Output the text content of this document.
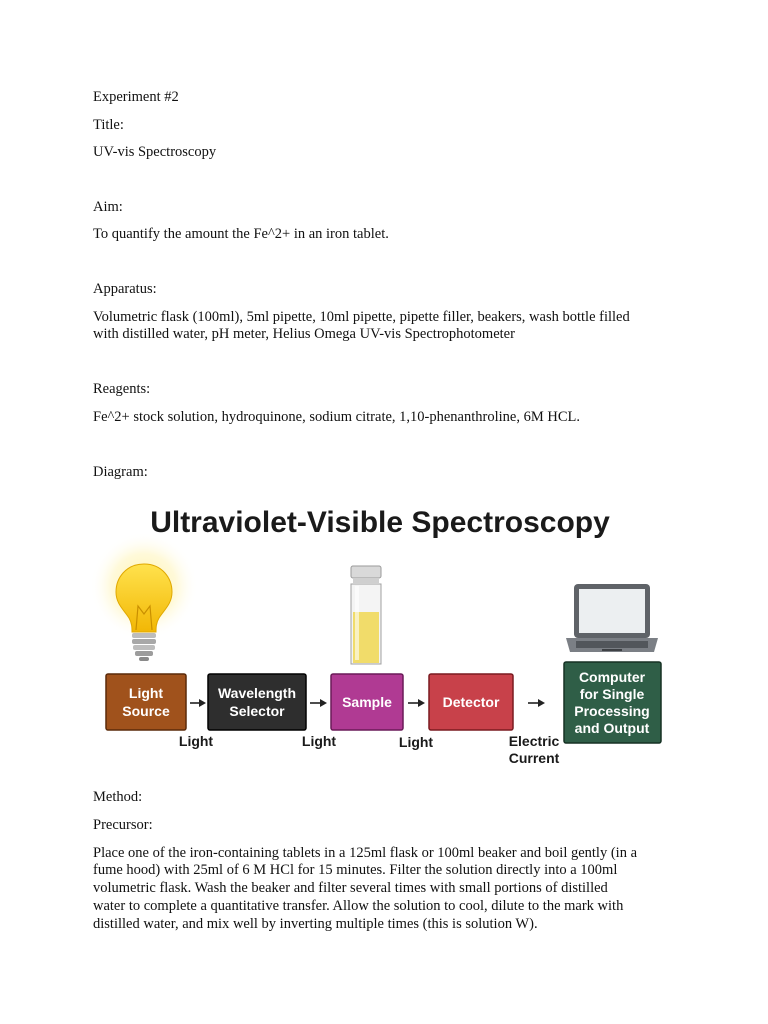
Experiment #2
Title:
UV-vis Spectroscopy
Aim:
To quantify the amount the Fe^2+ in an iron tablet.
Apparatus:
Volumetric flask (100ml), 5ml pipette, 10ml pipette, pipette filler, beakers, wash bottle filled
with distilled water, pH meter, Helius Omega UV-vis Spectrophotometer
Reagents:
Fe^2+ stock solution, hydroquinone, sodium citrate, 1,10-phenanthroline, 6M HCL.
Diagram:
Ultraviolet-Visible Spectroscopy
Light
Source
Wavelength
Selector
Sample	Detector
Computer
for Single
Processing
and Output
Light	Light	Light	Electric
Current
Method:
Precursor:
Place one of the iron-containing tablets in a 125ml flask or 100ml beaker and boil gently (in a
fume hood) with 25ml of 6 M HCl for 15 minutes. Filter the solution directly into a 100ml
volumetric flask. Wash the beaker and filter several times with small portions of distilled
water to complete a quantitative transfer. Allow the solution to cool, dilute to the mark with
distilled water, and mix well by inverting multiple times (this is solution W).
